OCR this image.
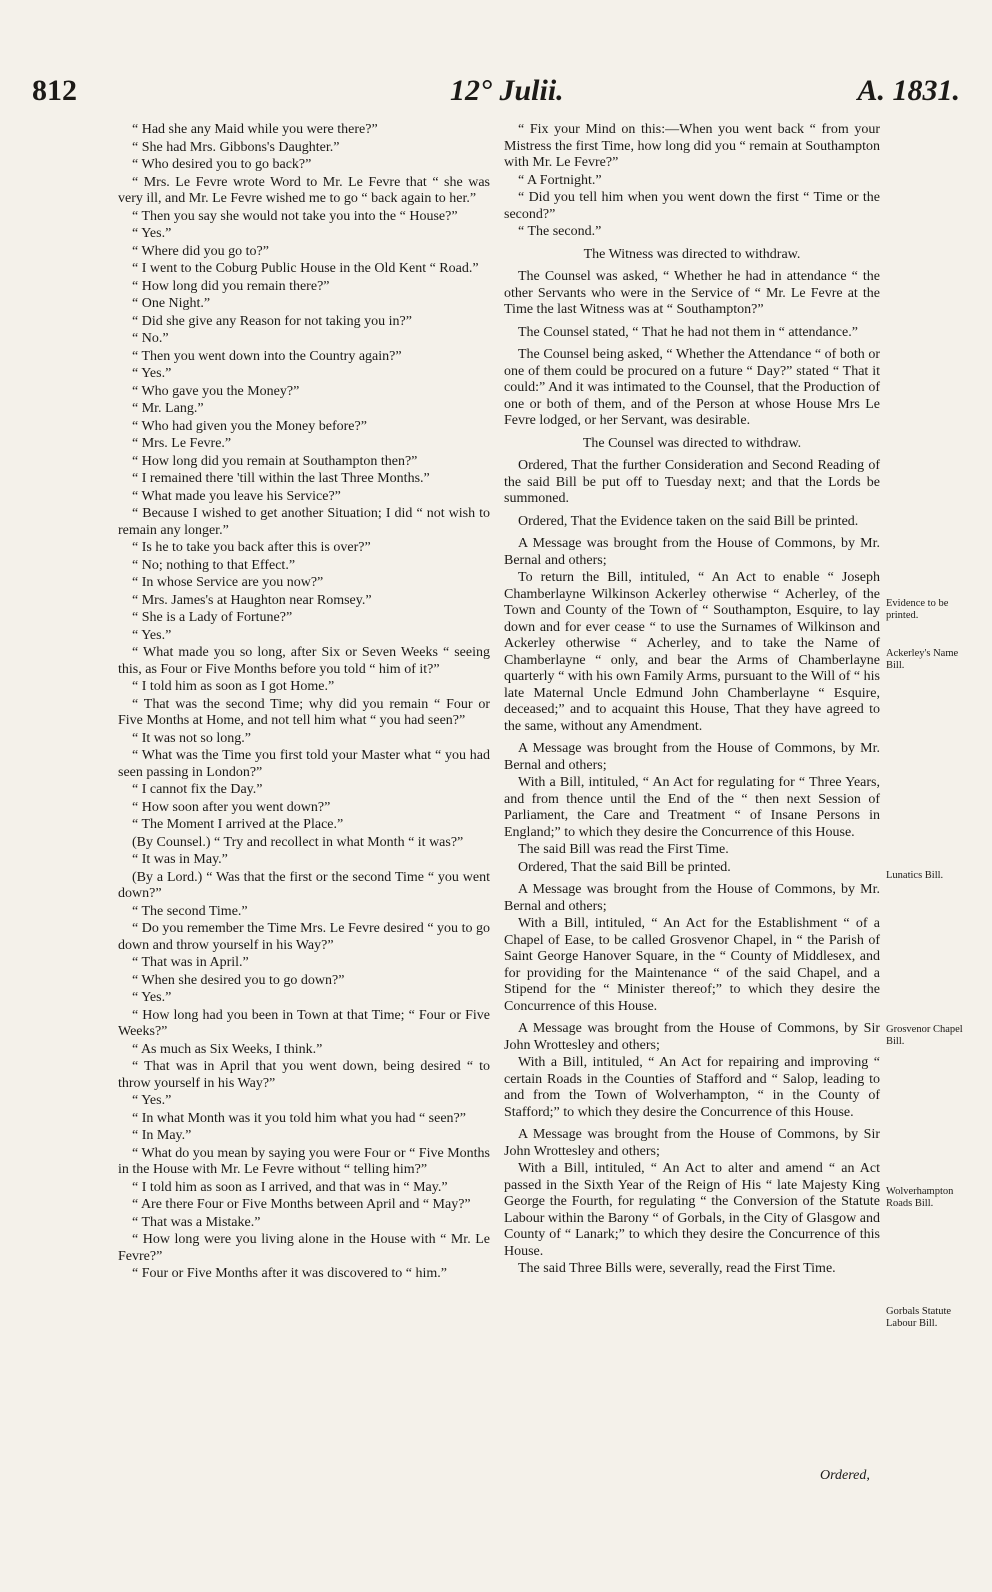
812	12° Julii.	A. 1831.

“ Had she any Maid while you were there?”

“ She had Mrs. Gibbons's Daughter.”

“ Who desired you to go back?”

“ Mrs. Le Fevre wrote Word to Mr. Le Fevre that “ she was very ill, and Mr. Le Fevre wished me to go “ back again to her.”

“ Then you say she would not take you into the “ House?”

“ Yes.”

“ Where did you go to?”

“ I went to the Coburg Public House in the Old Kent “ Road.”

“ How long did you remain there?”

“ One Night.”

“ Did she give any Reason for not taking you in?”

“ No.”

“ Then you went down into the Country again?”

“ Yes.”

“ Who gave you the Money?”

“ Mr. Lang.”

“ Who had given you the Money before?”

“ Mrs. Le Fevre.”

“ How long did you remain at Southampton then?”

“ I remained there 'till within the last Three Months.”

“ What made you leave his Service?”

“ Because I wished to get another Situation; I did “ not wish to remain any longer.”

“ Is he to take you back after this is over?”

“ No; nothing to that Effect.”

“ In whose Service are you now?”

“ Mrs. James's at Haughton near Romsey.”

“ She is a Lady of Fortune?”

“ Yes.”

“ What made you so long, after Six or Seven Weeks “ seeing this, as Four or Five Months before you told “ him of it?”

“ I told him as soon as I got Home.”

“ That was the second Time; why did you remain “ Four or Five Months at Home, and not tell him what “ you had seen?”

“ It was not so long.”

“ What was the Time you first told your Master what “ you had seen passing in London?”

“ I cannot fix the Day.”

“ How soon after you went down?”

“ The Moment I arrived at the Place.”

(By Counsel.) “ Try and recollect in what Month “ it was?”

“ It was in May.”

(By a Lord.) “ Was that the first or the second Time “ you went down?”

“ The second Time.”

“ Do you remember the Time Mrs. Le Fevre desired “ you to go down and throw yourself in his Way?”

“ That was in April.”

“ When she desired you to go down?”

“ Yes.”

“ How long had you been in Town at that Time; “ Four or Five Weeks?”

“ As much as Six Weeks, I think.”

“ That was in April that you went down, being desired “ to throw yourself in his Way?”

“ Yes.”

“ In what Month was it you told him what you had “ seen?”

“ In May.”

“ What do you mean by saying you were Four or “ Five Months in the House with Mr. Le Fevre without “ telling him?”

“ I told him as soon as I arrived, and that was in “ May.”

“ Are there Four or Five Months between April and “ May?”

“ That was a Mistake.”

“ How long were you living alone in the House with “ Mr. Le Fevre?”

“ Four or Five Months after it was discovered to “ him.”

“ Fix your Mind on this:—When you went back “ from your Mistress the first Time, how long did you “ remain at Southampton with Mr. Le Fevre?”

“ A Fortnight.”

“ Did you tell him when you went down the first “ Time or the second?”

“ The second.”

The Witness was directed to withdraw.

The Counsel was asked, “ Whether he had in attendance “ the other Servants who were in the Service of “ Mr. Le Fevre at the Time the last Witness was at “ Southampton?”

The Counsel stated, “ That he had not them in “ attendance.”

The Counsel being asked, “ Whether the Attendance “ of both or one of them could be procured on a future “ Day?” stated “ That it could:” And it was intimated to the Counsel, that the Production of one or both of them, and of the Person at whose House Mrs Le Fevre lodged, or her Servant, was desirable.

The Counsel was directed to withdraw.

Ordered, That the further Consideration and Second Reading of the said Bill be put off to Tuesday next; and that the Lords be summoned.

Ordered, That the Evidence taken on the said Bill be printed.

A Message was brought from the House of Commons, by Mr. Bernal and others;

To return the Bill, intituled, “ An Act to enable “ Joseph Chamberlayne Wilkinson Ackerley otherwise “ Acherley, of the Town and County of the Town of “ Southampton, Esquire, to lay down and for ever cease “ to use the Surnames of Wilkinson and Ackerley otherwise “ Acherley, and to take the Name of Chamberlayne “ only, and bear the Arms of Chamberlayne quarterly “ with his own Family Arms, pursuant to the Will of “ his late Maternal Uncle Edmund John Chamberlayne “ Esquire, deceased;” and to acquaint this House, That they have agreed to the same, without any Amendment.

A Message was brought from the House of Commons, by Mr. Bernal and others;

With a Bill, intituled, “ An Act for regulating for “ Three Years, and from thence until the End of the “ then next Session of Parliament, the Care and Treatment “ of Insane Persons in England;” to which they desire the Concurrence of this House.

The said Bill was read the First Time.

Ordered, That the said Bill be printed.

A Message was brought from the House of Commons, by Mr. Bernal and others;

With a Bill, intituled, “ An Act for the Establishment “ of a Chapel of Ease, to be called Grosvenor Chapel, in “ the Parish of Saint George Hanover Square, in the “ County of Middlesex, and for providing for the Maintenance “ of the said Chapel, and a Stipend for the “ Minister thereof;” to which they desire the Concurrence of this House.

A Message was brought from the House of Commons, by Sir John Wrottesley and others;

With a Bill, intituled, “ An Act for repairing and improving “ certain Roads in the Counties of Stafford and “ Salop, leading to and from the Town of Wolverhampton, “ in the County of Stafford;” to which they desire the Concurrence of this House.

A Message was brought from the House of Commons, by Sir John Wrottesley and others;

With a Bill, intituled, “ An Act to alter and amend “ an Act passed in the Sixth Year of the Reign of His “ late Majesty King George the Fourth, for regulating “ the Conversion of the Statute Labour within the Barony “ of Gorbals, in the City of Glasgow and County of “ Lanark;” to which they desire the Concurrence of this House.

The said Three Bills were, severally, read the First Time.

Evidence to be printed.
Ackerley's Name Bill.
Lunatics Bill.
Grosvenor Chapel Bill.
Wolverhampton Roads Bill.
Gorbals Statute Labour Bill.
Ordered,
